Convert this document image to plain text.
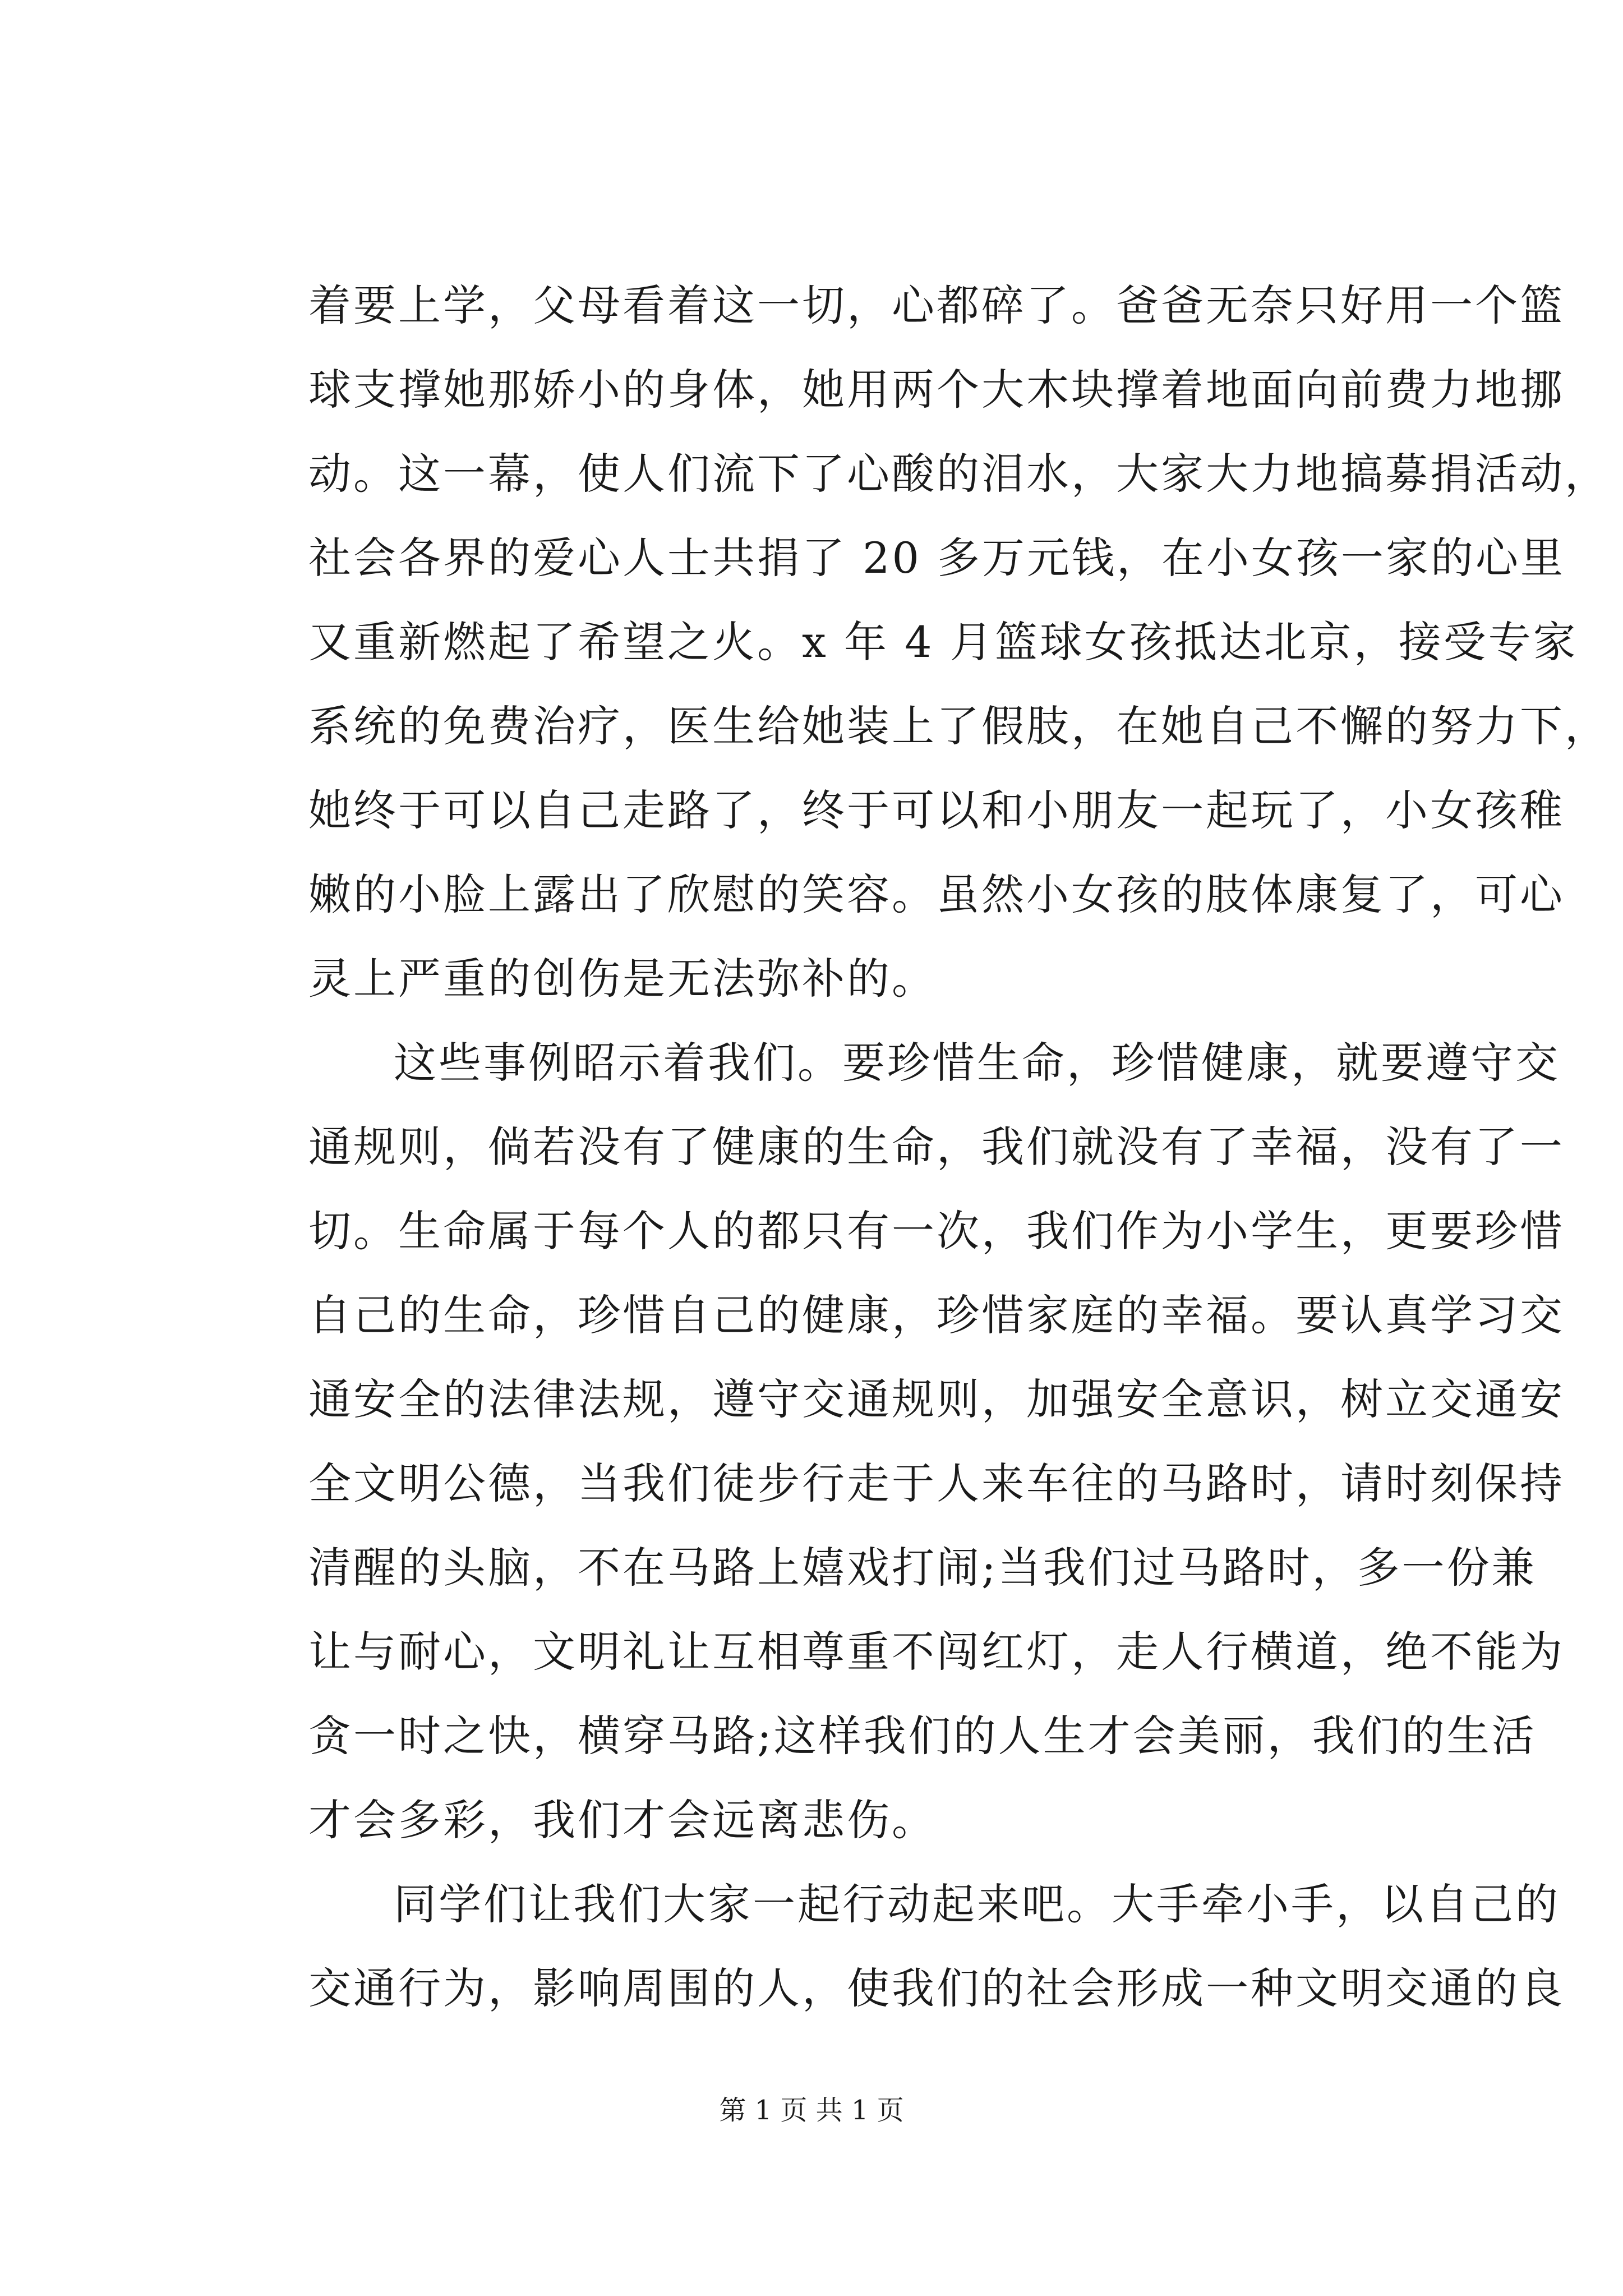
着要上学，父母看着这一切，心都碎了。爸爸无奈只好用一个篮
球支撑她那娇小的身体，她用两个大木块撑着地面向前费力地挪
动。这一幕，使人们流下了心酸的泪水，大家大力地搞募捐活动，
社会各界的爱心人士共捐了 20 多万元钱，在小女孩一家的心里
又重新燃起了希望之火。x 年 4 月篮球女孩抵达北京，接受专家
系统的免费治疗，医生给她装上了假肢，在她自己不懈的努力下，
她终于可以自己走路了，终于可以和小朋友一起玩了，小女孩稚
嫩的小脸上露出了欣慰的笑容。虽然小女孩的肢体康复了，可心
灵上严重的创伤是无法弥补的。
这些事例昭示着我们。要珍惜生命，珍惜健康，就要遵守交
通规则，倘若没有了健康的生命，我们就没有了幸福，没有了一
切。生命属于每个人的都只有一次，我们作为小学生，更要珍惜
自己的生命，珍惜自己的健康，珍惜家庭的幸福。要认真学习交
通安全的法律法规，遵守交通规则，加强安全意识，树立交通安
全文明公德，当我们徒步行走于人来车往的马路时，请时刻保持
清醒的头脑，不在马路上嬉戏打闹;当我们过马路时，多一份兼
让与耐心，文明礼让互相尊重不闯红灯，走人行横道，绝不能为
贪一时之快，横穿马路;这样我们的人生才会美丽，我们的生活
才会多彩，我们才会远离悲伤。
同学们让我们大家一起行动起来吧。大手牵小手，以自己的
交通行为，影响周围的人，使我们的社会形成一种文明交通的良
第 1 页 共 1 页
